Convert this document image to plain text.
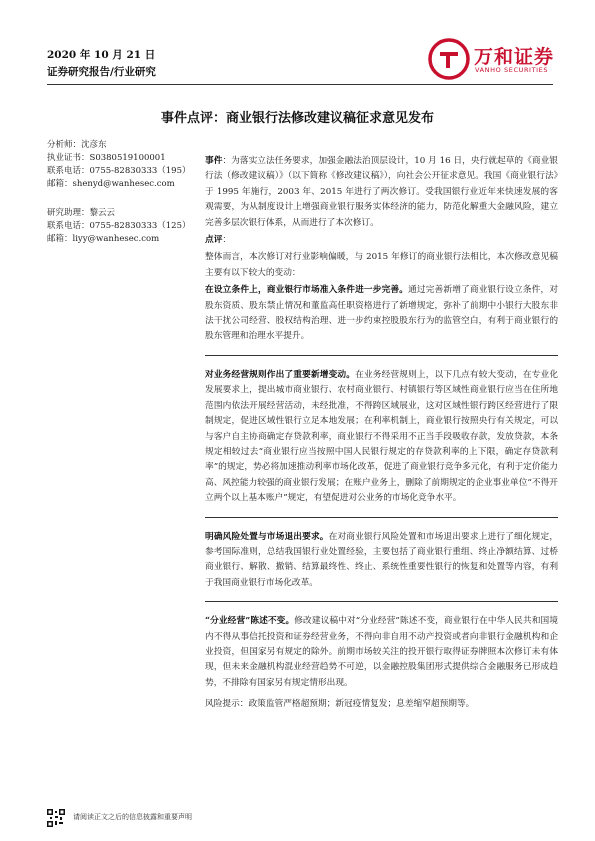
2020 年 10 月 21 日
证券研究报告/行业研究
万和证券
VANHO SECURITIES
事件点评：商业银行法修改建议稿征求意见发布
分析师：沈彦东
执业证书：S0380519100001
联系电话：0755-82830333（195）
邮箱：shenyd@wanhesec.com
研究助理：黎云云
联系电话：0755-82830333（125）
邮箱：liyy@wanhesec.com

事件：为落实立法任务要求，加强金融法治顶层设计，10 月 16 日，央行就起草的《商业银行法（修改建议稿）》（以下简称《修改建议稿》），向社会公开征求意见。我国《商业银行法》于 1995 年施行，2003 年、2015 年进行了两次修订。受我国银行业近年来快速发展的客观需要，为从制度设计上增强商业银行服务实体经济的能力，防范化解重大金融风险，建立完善多层次银行体系，从而进行了本次修订。

点评：

整体而言，本次修订对行业影响偏暖，与 2015 年修订的商业银行法相比，本次修改意见稿主要有以下较大的变动：

在设立条件上，商业银行市场准入条件进一步完善。通过完善新增了商业银行设立条件，对股东资质、股东禁止情况和董监高任职资格进行了新增规定，弥补了前期中小银行大股东非法干扰公司经营、股权结构治理、进一步约束控股股东行为的监管空白，有利于商业银行的股东管理和治理水平提升。

对业务经营规则作出了重要新增变动。在业务经营规则上，以下几点有较大变动，在专业化发展要求上，提出城市商业银行、农村商业银行、村镇银行等区域性商业银行应当在住所地范围内依法开展经营活动，未经批准，不得跨区域展业，这对区域性银行跨区经营进行了限制规定，促进区域性银行立足本地发展；在利率机制上，商业银行按照央行有关规定，可以与客户自主协商确定存贷款利率，商业银行不得采用不正当手段吸收存款，发放贷款，本条规定相较过去“商业银行应当按照中国人民银行规定的存贷款利率的上下限，确定存贷款利率”的规定，势必将加速推动利率市场化改革，促进了商业银行竞争多元化，有利于定价能力高、风控能力较强的商业银行发展；在账户业务上，删除了前期规定的企业事业单位“不得开立两个以上基本账户”规定，有望促进对公业务的市场化竞争水平。

明确风险处置与市场退出要求。在对商业银行风险处置和市场退出要求上进行了细化规定，参考国际准则，总结我国银行业处置经验，主要包括了商业银行重组、终止净额结算、过桥商业银行、解散、撤销、结算最终性、终止、系统性重要性银行的恢复和处置等内容，有利于我国商业银行市场化改革。

“分业经营”陈述不变。修改建议稿中对“分业经营”陈述不变，商业银行在中华人民共和国境内不得从事信托投资和证券经营业务，不得向非自用不动产投资或者向非银行金融机构和企业投资，但国家另有规定的除外。前期市场较关注的投开银行取得证券牌照本次修订未有体现，但未来金融机构混业经营趋势不可逆，以金融控股集团形式提供综合金融服务已形成趋势，不排除有国家另有规定情形出现。

风险提示：政策监管严格超预期；新冠疫情复发；息差缩窄超预期等。

请阅读正文之后的信息披露和重要声明
